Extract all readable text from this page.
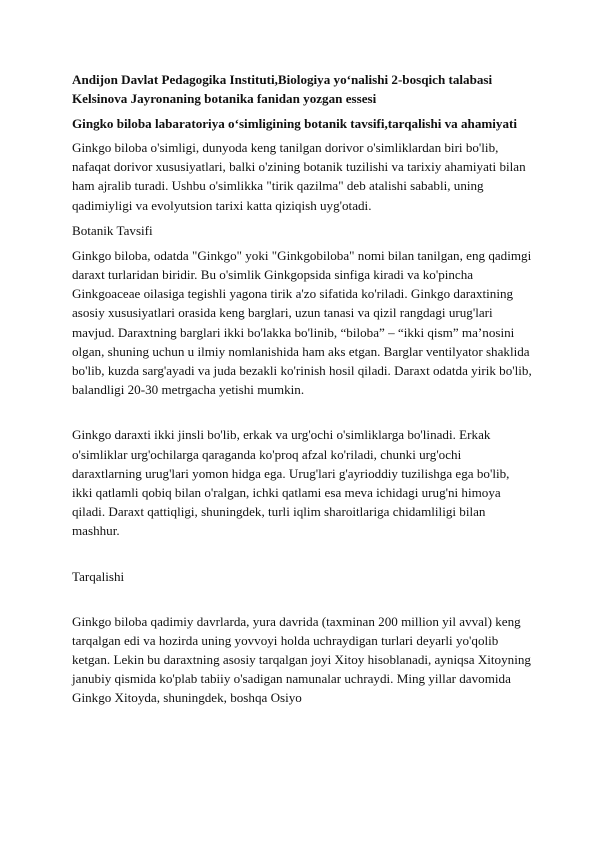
Andijon Davlat Pedagogika Instituti,Biologiya yo‘nalishi 2-bosqich talabasi Kelsinova Jayronaning botanika fanidan yozgan essesi
Gingko biloba labaratoriya o‘simligining botanik tavsifi,tarqalishi va ahamiyati

Ginkgo biloba o'simligi, dunyoda keng tanilgan dorivor o'simliklardan biri bo'lib, nafaqat dorivor xususiyatlari, balki o'zining botanik tuzilishi va tarixiy ahamiyati bilan ham ajralib turadi. Ushbu o'simlikka "tirik qazilma" deb atalishi sababli, uning qadimiyligi va evolyutsion tarixi katta qiziqish uyg'otadi.

Botanik Tavsifi

Ginkgo biloba, odatda "Ginkgo" yoki "Ginkgobiloba" nomi bilan tanilgan, eng qadimgi daraxt turlaridan biridir. Bu o'simlik Ginkgopsida sinfiga kiradi va ko'pincha Ginkgoaceae oilasiga tegishli yagona tirik a'zo sifatida ko'riladi. Ginkgo daraxtining asosiy xususiyatlari orasida keng barglari, uzun tanasi va qizil rangdagi urug'lari mavjud. Daraxtning barglari ikki bo'lakka bo'linib, “biloba” – “ikki qism” ma’nosini olgan, shuning uchun u ilmiy nomlanishida ham aks etgan. Barglar ventilyator shaklida bo'lib, kuzda sarg'ayadi va juda bezakli ko'rinish hosil qiladi. Daraxt odatda yirik bo'lib, balandligi 20-30 metrgacha yetishi mumkin.

Ginkgo daraxti ikki jinsli bo'lib, erkak va urg'ochi o'simliklarga bo'linadi. Erkak o'simliklar urg'ochilarga qaraganda ko'proq afzal ko'riladi, chunki urg'ochi daraxtlarning urug'lari yomon hidga ega. Urug'lari g'ayrioddiy tuzilishga ega bo'lib, ikki qatlamli qobiq bilan o'ralgan, ichki qatlami esa meva ichidagi urug'ni himoya qiladi. Daraxt qattiqligi, shuningdek, turli iqlim sharoitlariga chidamliligi bilan mashhur.

Tarqalishi

Ginkgo biloba qadimiy davrlarda, yura davrida (taxminan 200 million yil avval) keng tarqalgan edi va hozirda uning yovvoyi holda uchraydigan turlari deyarli yo'qolib ketgan. Lekin bu daraxtning asosiy tarqalgan joyi Xitoy hisoblanadi, ayniqsa Xitoyning janubiy qismida ko'plab tabiiy o'sadigan namunalar uchraydi. Ming yillar davomida Ginkgo Xitoyda, shuningdek, boshqa Osiyo
